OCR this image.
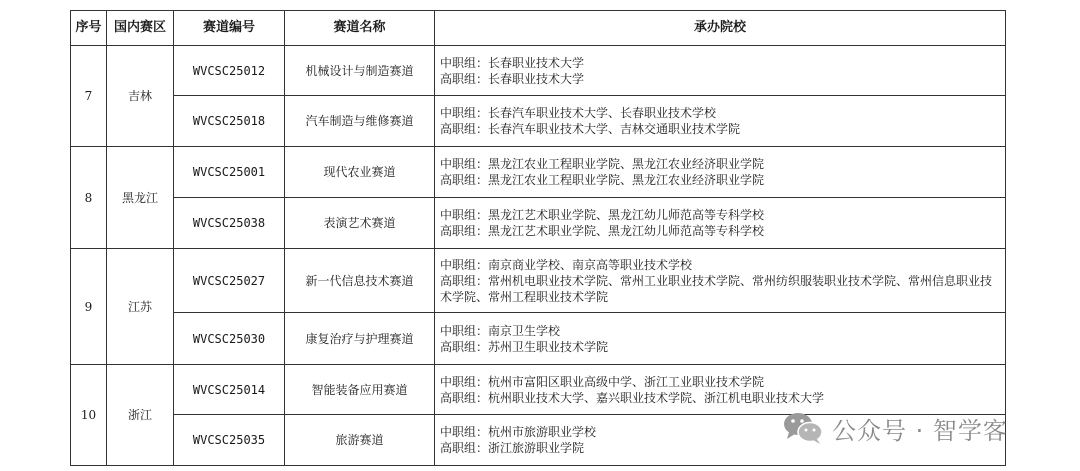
序号	国内赛区	赛道编号	赛道名称	承办院校
7	吉林	WVCSC25012	机械设计与制造赛道	中职组：长春职业技术大学
高职组：长春职业技术大学

		WVCSC25018	汽车制造与维修赛道	中职组：长春汽车职业技术大学、长春职业技术学校
高职组：长春汽车职业技术大学、吉林交通职业技术学院

8	黑龙江	WVCSC25001	现代农业赛道	中职组：黑龙江农业工程职业学院、黑龙江农业经济职业学院
高职组：黑龙江农业工程职业学院、黑龙江农业经济职业学院

		WVCSC25038	表演艺术赛道	中职组：黑龙江艺术职业学院、黑龙江幼儿师范高等专科学校
高职组：黑龙江艺术职业学院、黑龙江幼儿师范高等专科学校

9	江苏	WVCSC25027	新一代信息技术赛道	中职组：南京商业学校、南京高等职业技术学校
高职组：常州机电职业技术学院、常州工业职业技术学院、常州纺织服装职业技术学院、常州信息职业技术学院、常州工程职业技术学院

		WVCSC25030	康复治疗与护理赛道	中职组：南京卫生学校
高职组：苏州卫生职业技术学院

10	浙江	WVCSC25014	智能装备应用赛道	中职组：杭州市富阳区职业高级中学、浙江工业职业技术学院
高职组：杭州职业技术大学、嘉兴职业技术学院、浙江机电职业技术大学

		WVCSC25035	旅游赛道	中职组：杭州市旅游职业学校
高职组：浙江旅游职业学院
公众号 · 智学客
